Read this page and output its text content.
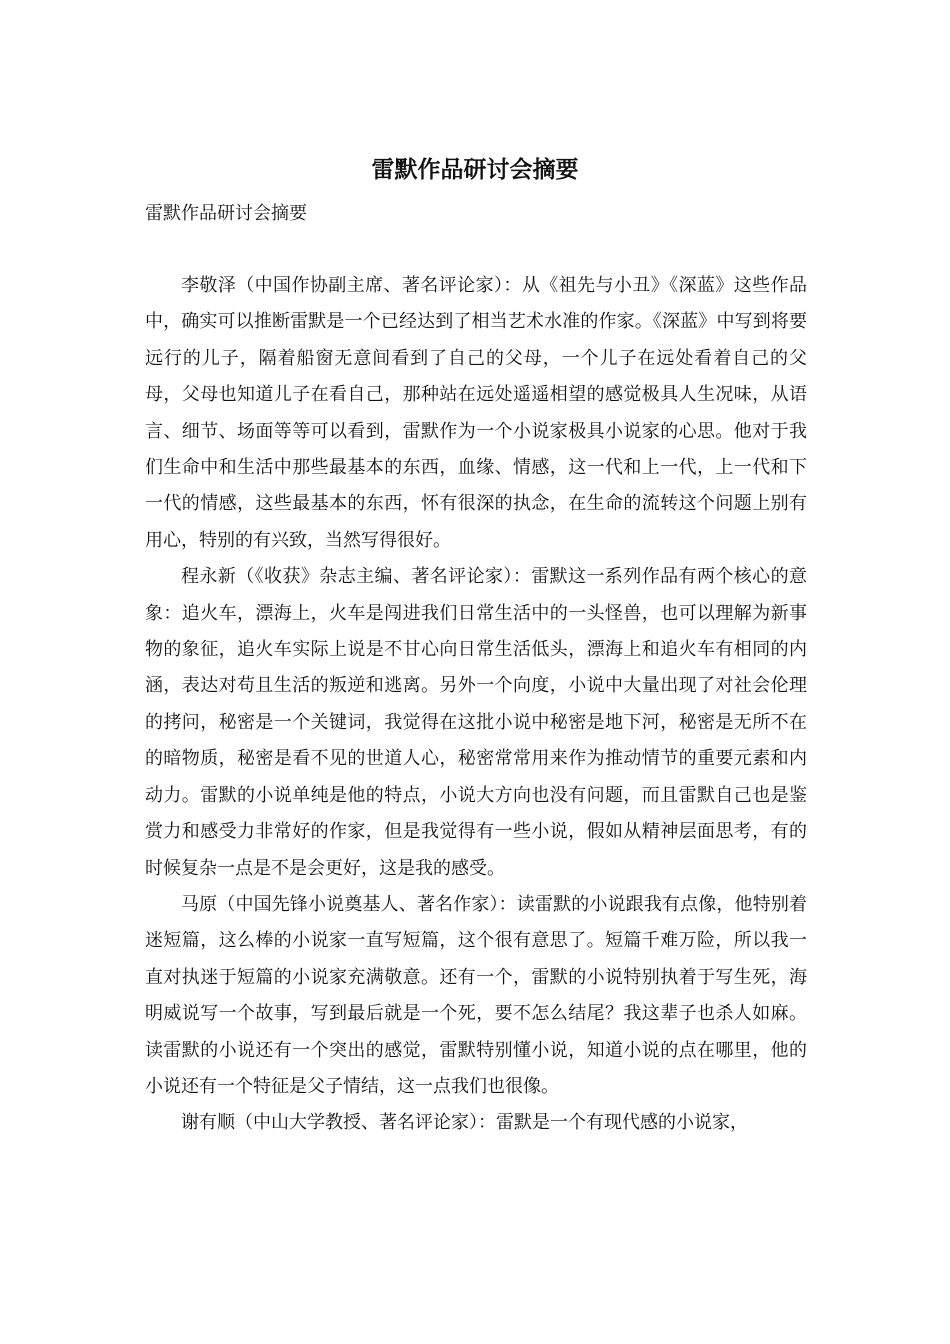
雷默作品研讨会摘要

雷默作品研讨会摘要

李敬泽（中国作协副主席、著名评论家）：从《祖先与小丑》《深蓝》这些作品中，确实可以推断雷默是一个已经达到了相当艺术水准的作家。《深蓝》中写到将要远行的儿子，隔着船窗无意间看到了自己的父母，一个儿子在远处看着自己的父母，父母也知道儿子在看自己，那种站在远处遥遥相望的感觉极具人生况味，从语言、细节、场面等等可以看到，雷默作为一个小说家极具小说家的心思。他对于我们生命中和生活中那些最基本的东西，血缘、情感，这一代和上一代，上一代和下一代的情感，这些最基本的东西，怀有很深的执念，在生命的流转这个问题上别有用心，特别的有兴致，当然写得很好。

程永新（《收获》杂志主编、著名评论家）：雷默这一系列作品有两个核心的意象：追火车，漂海上，火车是闯进我们日常生活中的一头怪兽，也可以理解为新事物的象征，追火车实际上说是不甘心向日常生活低头，漂海上和追火车有相同的内涵，表达对苟且生活的叛逆和逃离。另外一个向度，小说中大量出现了对社会伦理的拷问，秘密是一个关键词，我觉得在这批小说中秘密是地下河，秘密是无所不在的暗物质，秘密是看不见的世道人心，秘密常常用来作为推动情节的重要元素和内动力。雷默的小说单纯是他的特点，小说大方向也没有问题，而且雷默自己也是鉴赏力和感受力非常好的作家，但是我觉得有一些小说，假如从精神层面思考，有的时候复杂一点是不是会更好，这是我的感受。

马原（中国先锋小说奠基人、著名作家）：读雷默的小说跟我有点像，他特别着迷短篇，这么棒的小说家一直写短篇，这个很有意思了。短篇千难万险，所以我一直对执迷于短篇的小说家充满敬意。还有一个，雷默的小说特别执着于写生死，海明威说写一个故事，写到最后就是一个死，要不怎么结尾？我这辈子也杀人如麻。读雷默的小说还有一个突出的感觉，雷默特别懂小说，知道小说的点在哪里，他的小说还有一个特征是父子情结，这一点我们也很像。

谢有顺（中山大学教授、著名评论家）：雷默是一个有现代感的小说家，
